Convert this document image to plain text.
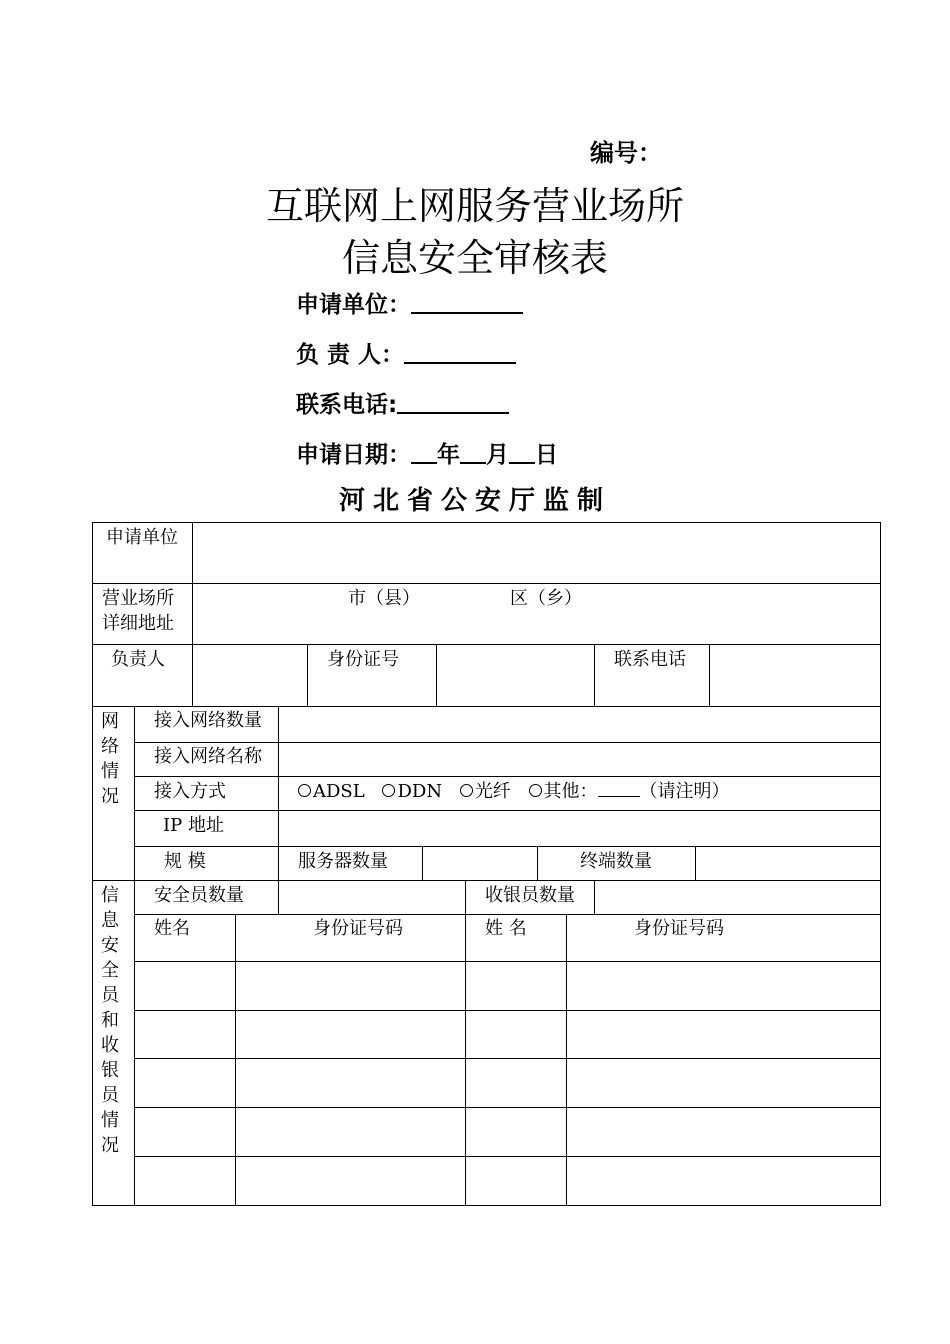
编号：
互联网上网服务营业场所
信息安全审核表
申请单位：
负 责 人：
联系电话:
申请日期： 年 月 日
河北省公安厅监制
申请单位
营业场所
详细地址
市（县）	区（乡）
负责人	身份证号	联系电话
网络情况
接入网络数量
接入网络名称
接入方式	ADSL DDN 光纤 其他： （请注明）
IP 地址
规 模	服务器数量	终端数量
信息安全员和收银员情况
安全员数量	收银员数量
姓名	身份证号码	姓 名	身份证号码
